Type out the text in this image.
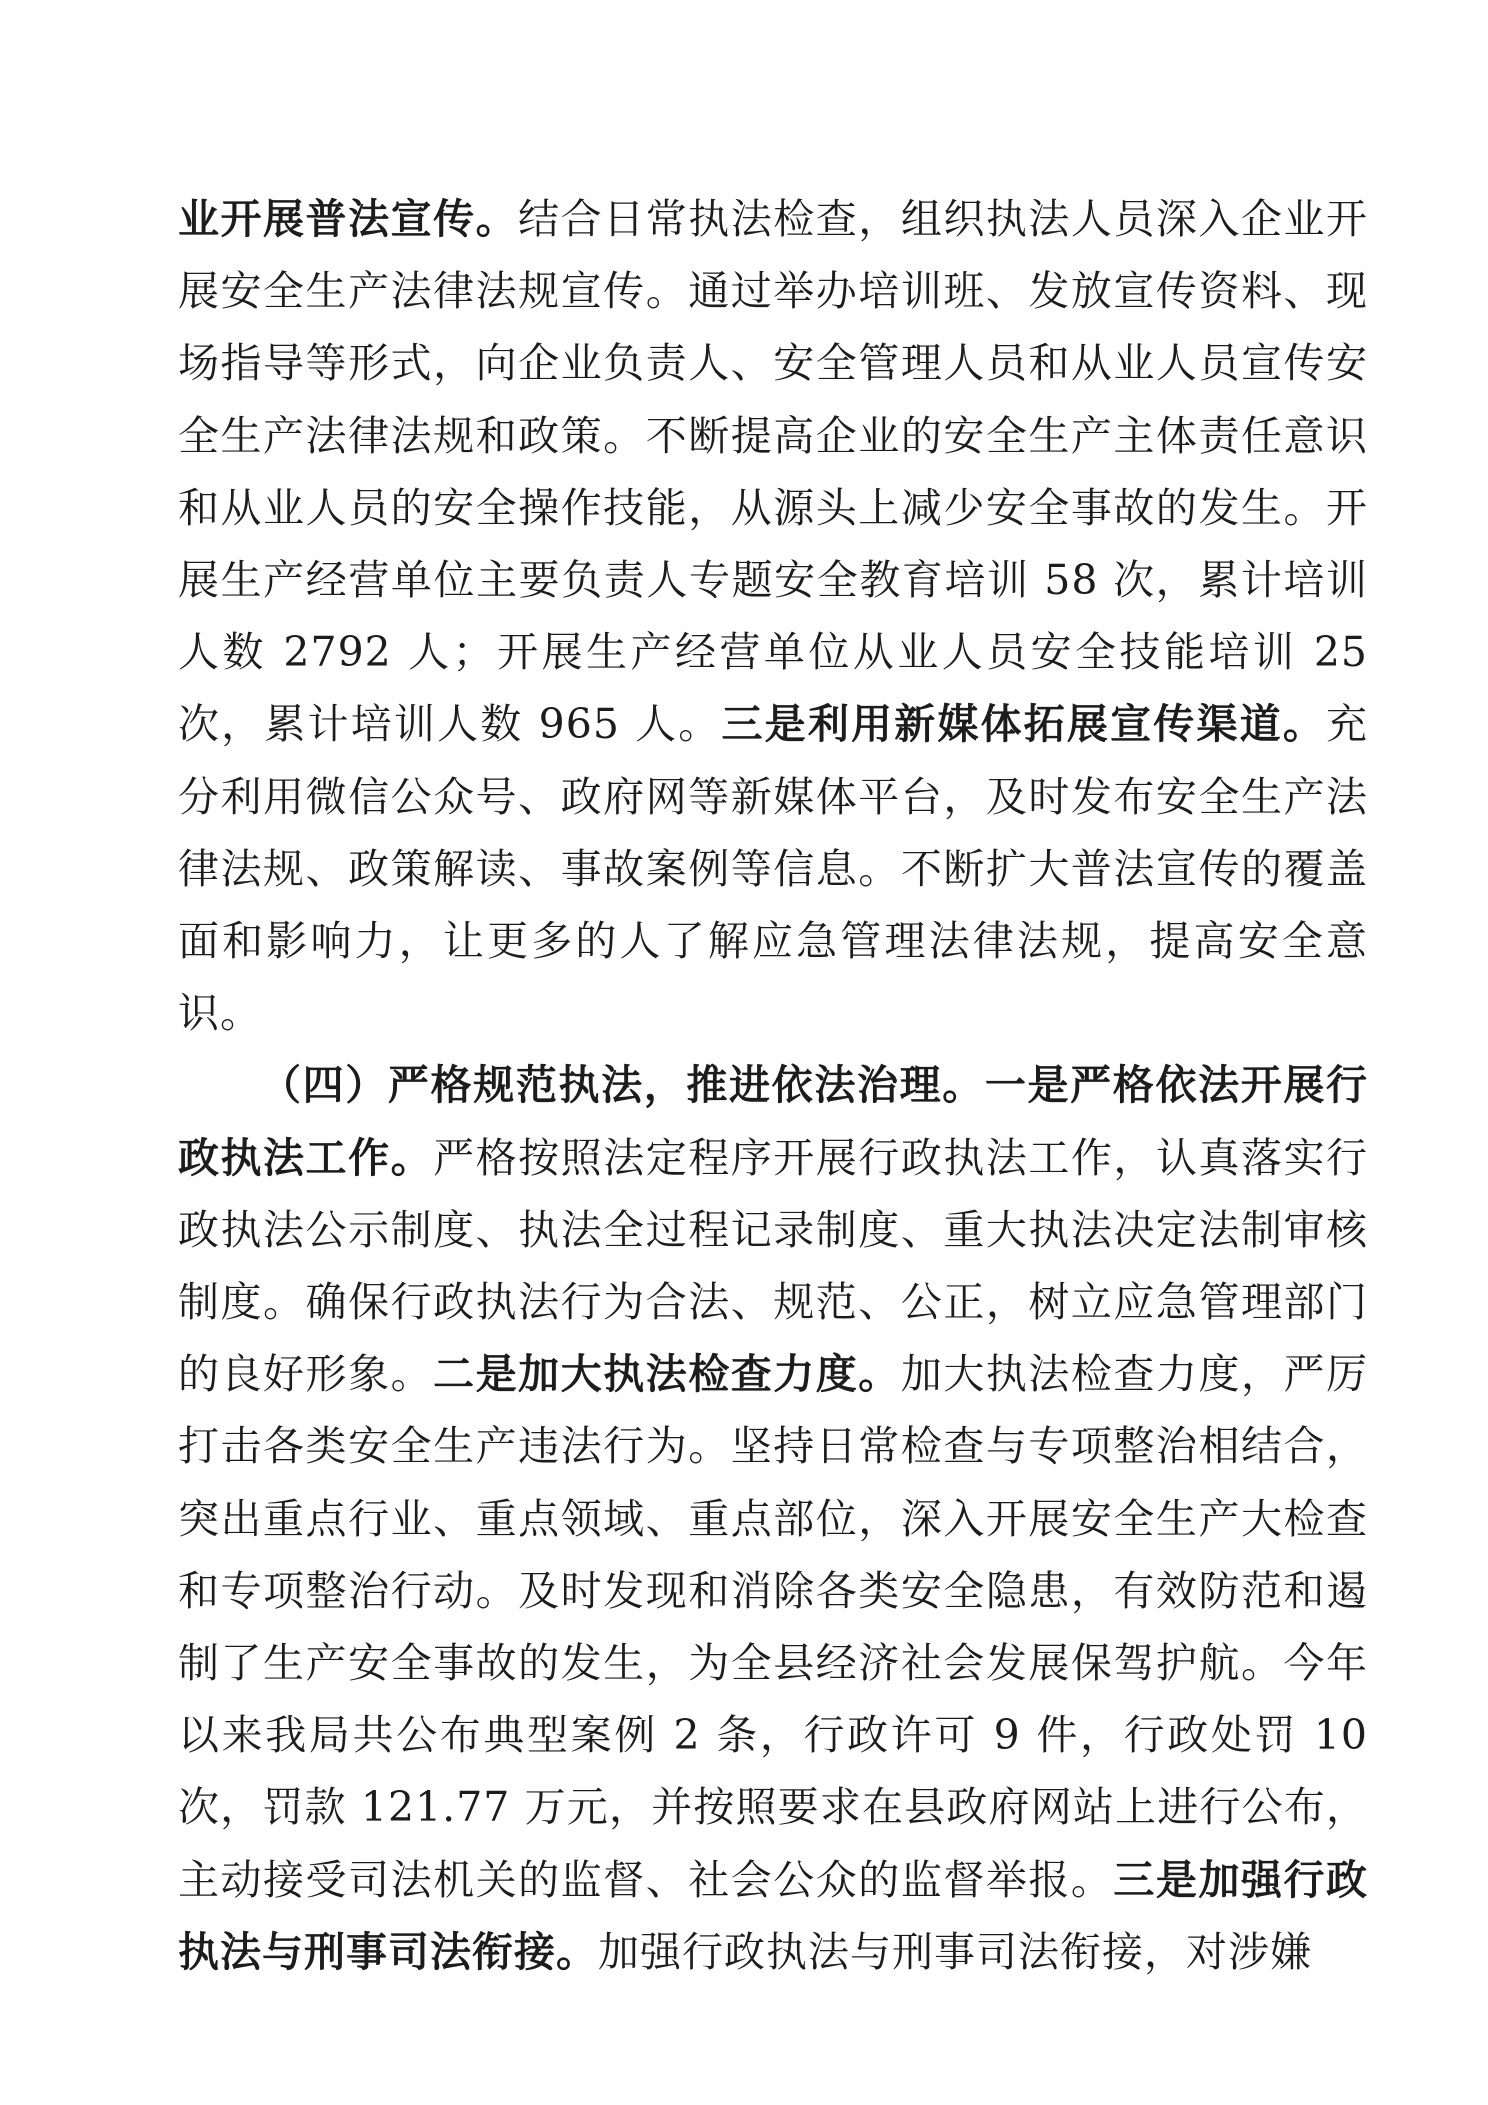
业开展普法宣传。结合日常执法检查，组织执法人员深入企业开展安全生产法律法规宣传。通过举办培训班、发放宣传资料、现场指导等形式，向企业负责人、安全管理人员和从业人员宣传安全生产法律法规和政策。不断提高企业的安全生产主体责任意识和从业人员的安全操作技能，从源头上减少安全事故的发生。开展生产经营单位主要负责人专题安全教育培训 58 次，累计培训人数 2792 人；开展生产经营单位从业人员安全技能培训 25 次，累计培训人数 965 人。三是利用新媒体拓展宣传渠道。充分利用微信公众号、政府网等新媒体平台，及时发布安全生产法律法规、政策解读、事故案例等信息。不断扩大普法宣传的覆盖面和影响力，让更多的人了解应急管理法律法规，提高安全意识。

（四）严格规范执法，推进依法治理。一是严格依法开展行政执法工作。严格按照法定程序开展行政执法工作，认真落实行政执法公示制度、执法全过程记录制度、重大执法决定法制审核制度。确保行政执法行为合法、规范、公正，树立应急管理部门的良好形象。二是加大执法检查力度。加大执法检查力度，严厉打击各类安全生产违法行为。坚持日常检查与专项整治相结合，突出重点行业、重点领域、重点部位，深入开展安全生产大检查和专项整治行动。及时发现和消除各类安全隐患，有效防范和遏制了生产安全事故的发生，为全县经济社会发展保驾护航。今年以来我局共公布典型案例 2 条，行政许可 9 件，行政处罚 10 次，罚款 121.77 万元，并按照要求在县政府网站上进行公布，主动接受司法机关的监督、社会公众的监督举报。三是加强行政执法与刑事司法衔接。加强行政执法与刑事司法衔接，对涉嫌
